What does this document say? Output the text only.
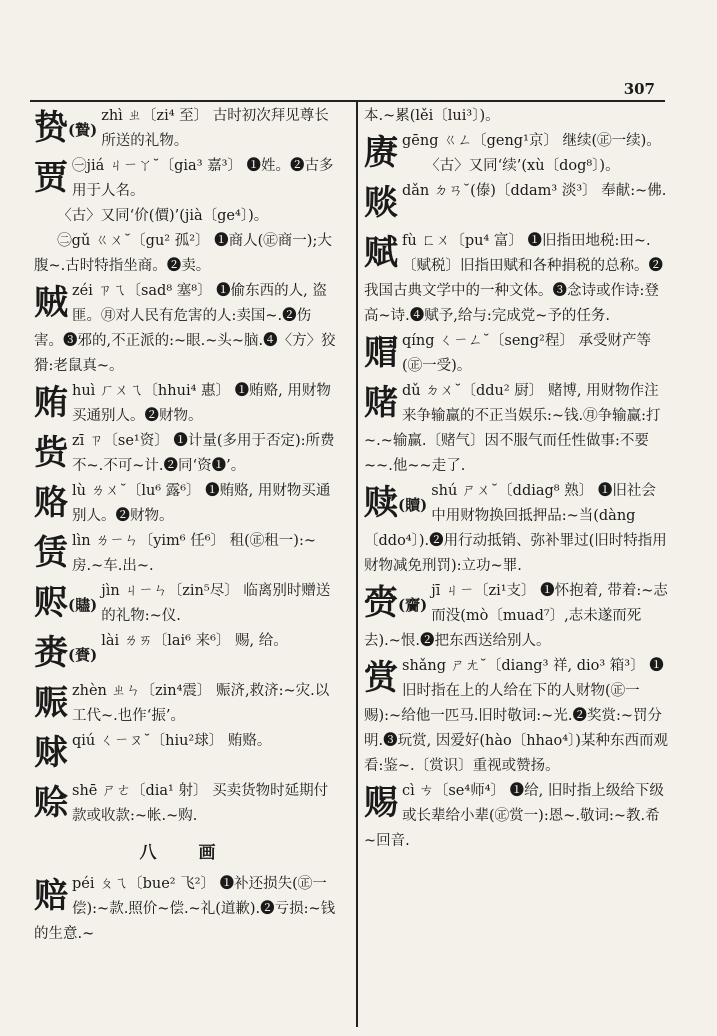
307
贽(贄)

zhì ㄓ〔zi⁴ 至〕 古时初次拜见尊长所送的礼物。

贾 ㊀jiá ㄐㄧㄚ˘〔gia³ 嘉³〕 ❶姓。❷古多用于人名。

〈古〉又同‘价(價)’(jià〔ge⁴〕)。

㊁gǔ ㄍㄨ˘〔gu² 孤²〕 ❶商人(㊣商一);大腹~.古时特指坐商。❷卖。

贼 zéi ㄗㄟ〔sad⁸ 塞⁸〕 ❶偷东西的人, 盗匪。㊊对人民有危害的人:卖国~.❷伤害。❸邪的,不正派的:~眼.~头~脑.❹〈方〉狡猾:老鼠真~。

贿 huì ㄏㄨㄟ〔hhui⁴ 惠〕 ❶贿赂, 用财物买通别人。❷财物。

赀 zī ㄗ〔se¹资〕 ❶计量(多用于否定):所费不~.不可~计.❷同‘资❶’。

赂 lù ㄌㄨ˘〔lu⁶ 露⁶〕 ❶贿赂, 用财物买通别人。❷财物。

赁 lìn ㄌㄧㄣ〔yim⁶ 任⁶〕 租(㊣租一):~房.~车.出~.

赆(贐)

jìn ㄐㄧㄣ〔zin⁵尽〕 临离别时赠送的礼物:~仪.

赉(賚)

lài ㄌㄞ〔lai⁶ 来⁶〕 赐, 给。

赈 zhèn ㄓㄣ〔zin⁴震〕 赈济,救济:~灾.以工代~.也作‘振’。

赇 qiú ㄑㄧㄡ˘〔hiu²球〕 贿赂。

赊 shē ㄕㄜ〔dia¹ 射〕 买卖货物时延期付款或收款:~帐.~购.

八 画
赔 péi ㄆㄟ〔bue² 飞²〕 ❶补还损失(㊣一偿):~款.照价~偿.~礼(道歉).❷亏损:~钱的生意.~

本.~累(lěi〔lui³〕)。

赓 gēng ㄍㄥ〔geng¹京〕 继续(㊣一续)。

〈古〉又同‘续’(xù〔dog⁸〕)。

赕 dǎn ㄉㄢ˘(傣)〔ddam³ 淡³〕 奉献:~佛.

赋 fù ㄈㄨ〔pu⁴ 富〕 ❶旧指田地税:田~.〔赋税〕旧指田赋和各种捐税的总称。❷我国古典文学中的一种文体。❸念诗或作诗:登高~诗.❹赋予,给与:完成党~予的任务.

赗 qíng ㄑㄧㄥ˘〔seng²程〕 承受财产等(㊣一受)。

赌 dǔ ㄉㄨ˘〔ddu² 厨〕 赌博, 用财物作注来争输赢的不正当娱乐:~钱.㊊争输赢:打~.~输赢.〔赌气〕因不服气而任性做事:不要~~.他~~走了.

赎(贖)

shú ㄕㄨ˘〔ddiag⁸ 熟〕 ❶旧社会中用财物换回抵押品:~当(dàng〔ddo⁴〕).❷用行动抵销、弥补罪过(旧时特指用财物减免刑罚):立功~罪.

赍(齎)

jī ㄐㄧ〔zi¹支〕 ❶怀抱着, 带着:~志而没(mò〔muad⁷〕,志未遂而死去).~恨.❷把东西送给别人。

赏 shǎng ㄕㄤ˘〔diang³ 祥, dio³ 箱³〕 ❶旧时指在上的人给在下的人财物(㊣一赐):~给他一匹马.旧时敬词:~光.❷奖赏:~罚分明.❸玩赏, 因爱好(hào〔hhao⁴〕)某种东西而观看:鉴~.〔赏识〕重视或赞扬。

赐 cì ㄘ〔se⁴师⁴〕 ❶给, 旧时指上级给下级或长辈给小辈(㊣赏一):恩~.敬词:~教.希~回音.
